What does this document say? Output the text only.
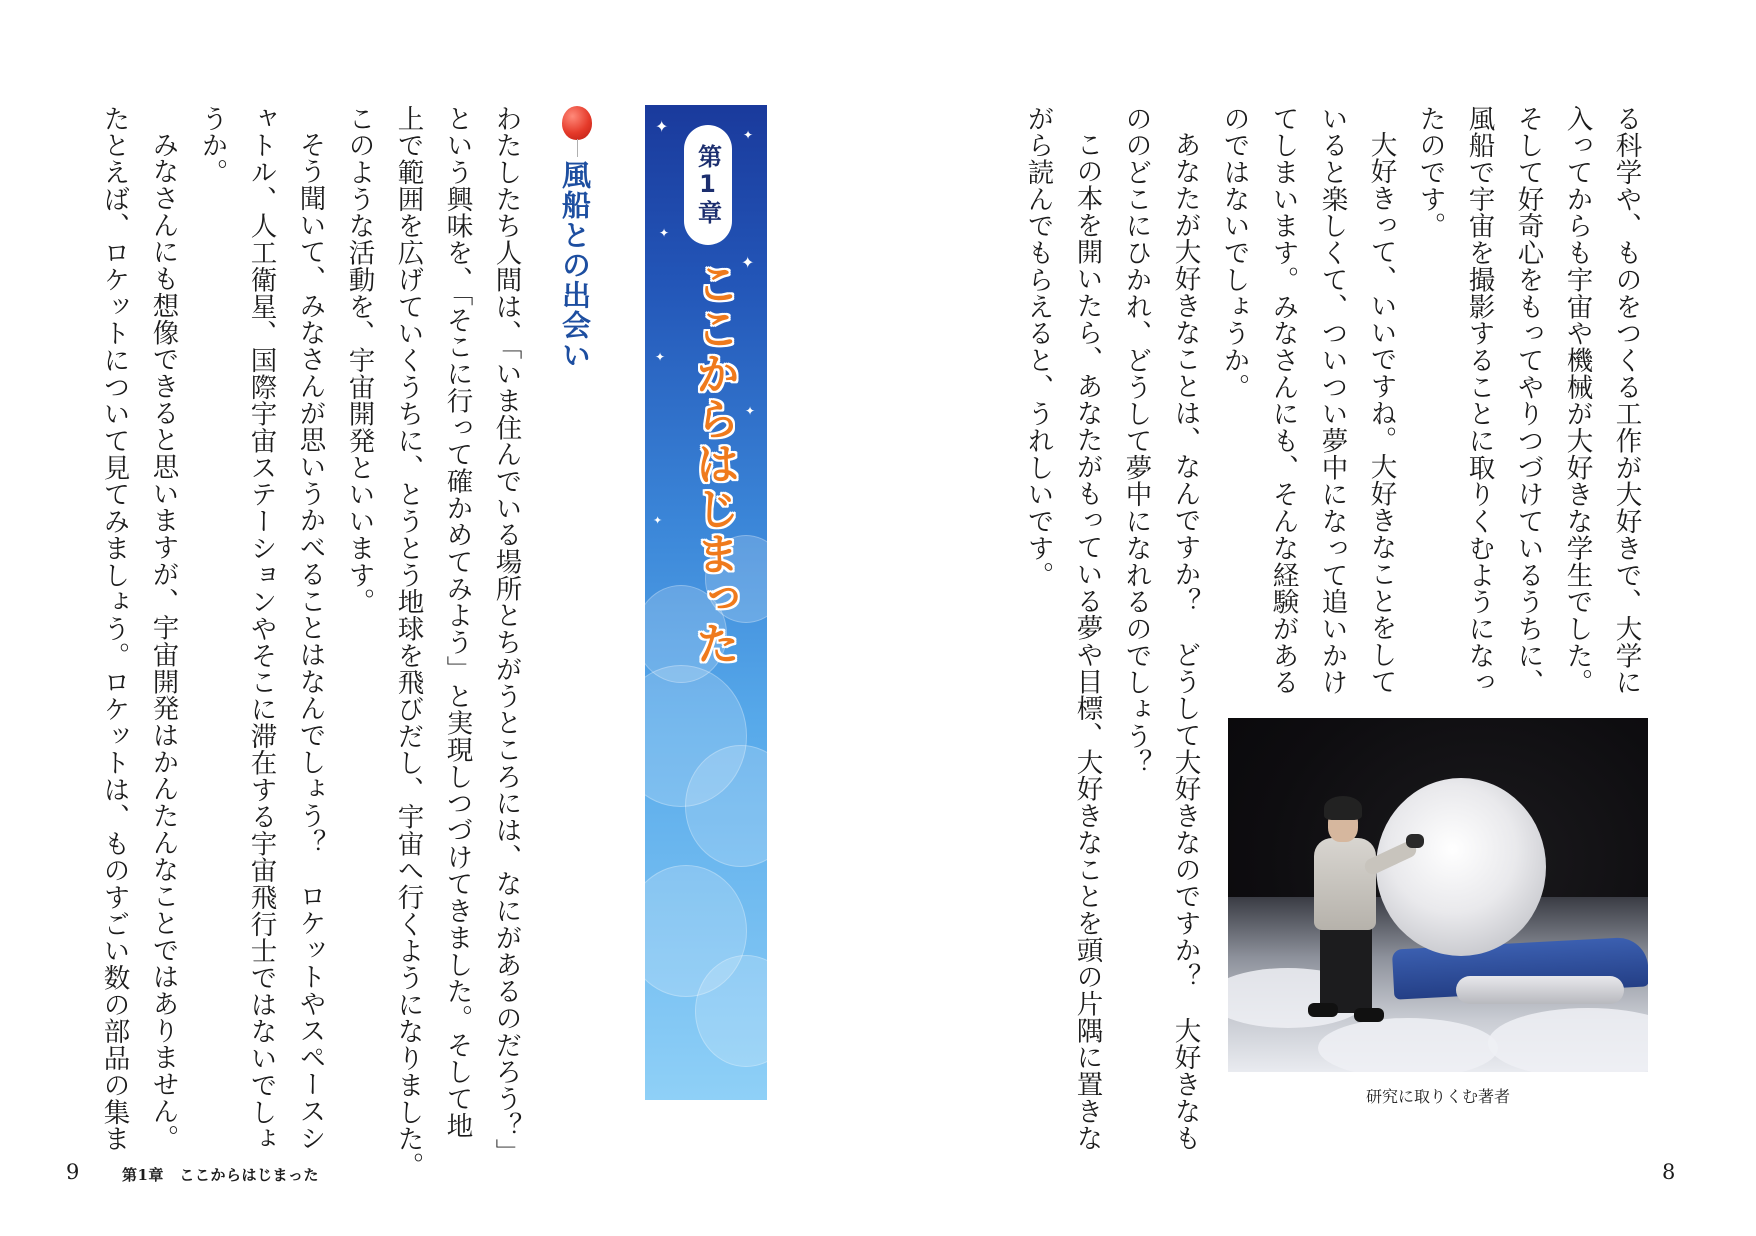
✦	✦
✦
✦
✦
✦
✦
第1章
ここからはじまった
風船との出会い
わたしたち人間は、「いま住んでいる場所とちがうところには、なにがあるのだろう？」
という興味を、「そこに行って確かめてみよう」と実現しつづけてきました。そして地
上で範囲を広げていくうちに、とうとう地球を飛びだし、宇宙へ行くようになりました。
このような活動を、宇宙開発といいます。
そう聞いて、みなさんが思いうかべることはなんでしょう？　ロケットやスペースシ
ャトル、人工衛星、国際宇宙ステーションやそこに滞在する宇宙飛行士ではないでしょ
うか。
みなさんにも想像できると思いますが、宇宙開発はかんたんなことではありません。
たとえば、ロケットについて見てみましょう。ロケットは、ものすごい数の部品の集ま
9	第1章　ここからはじまった
る科学や、ものをつくる工作が大好きで、大学に
入ってからも宇宙や機械が大好きな学生でした。
そして好奇心をもってやりつづけているうちに、
風船で宇宙を撮影することに取りくむようになっ
たのです。
大好きって、いいですね。大好きなことをして
いると楽しくて、ついつい夢中になって追いかけ
てしまいます。みなさんにも、そんな経験がある
のではないでしょうか。
あなたが大好きなことは、なんですか？　どうして大好きなのですか？　大好きなも
ののどこにひかれ、どうして夢中になれるのでしょう？
この本を開いたら、あなたがもっている夢や目標、大好きなことを頭の片隅に置きな
がら読んでもらえると、うれしいです。
8
研究に取りくむ著者
